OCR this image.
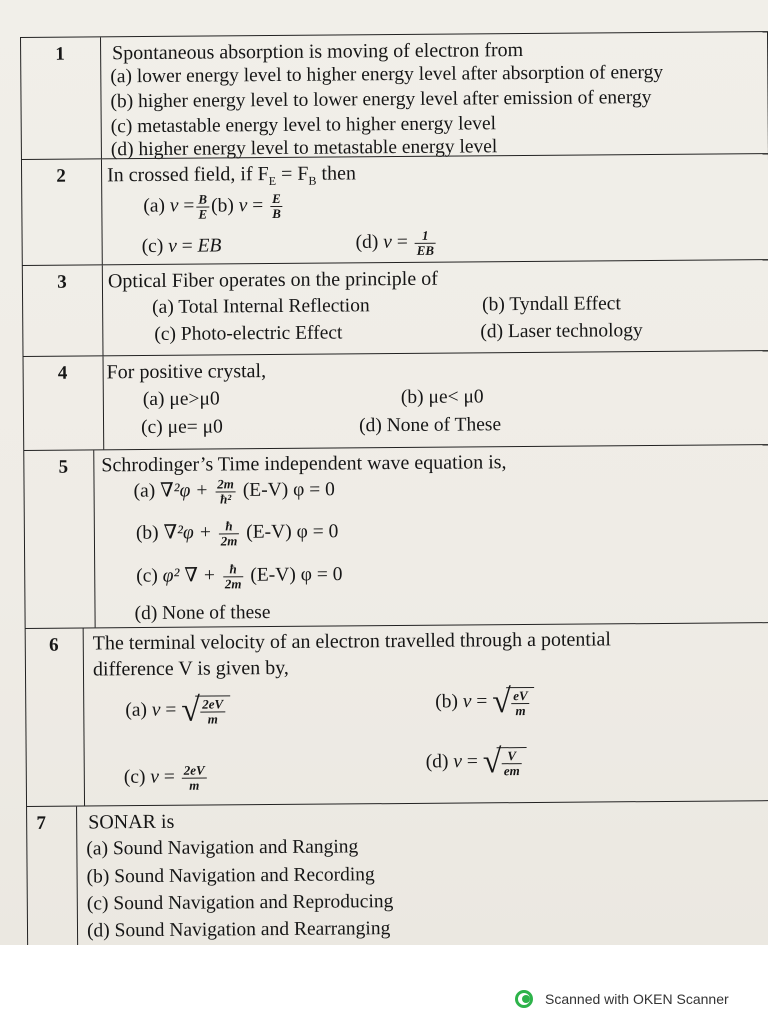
1	Spontaneous absorption is moving of electron from
(a) lower energy level to higher energy level after absorption of energy
(b) higher energy level to lower energy level after emission of energy
(c) metastable energy level to higher energy level
(d) higher energy level to metastable energy level
2	In crossed field, if $F_E = F_B$ then
(a) $v = \frac{B}{E} (b) v = \frac{E}{B}$
(c) v = EB	(d) $v = \frac{1}{EB}$
3	Optical Fiber operates on the principle of
(a) Total Internal Reflection	(b) Tyndall Effect
(c) Photo-electric Effect	(d) Laser technology
4	For positive crystal,
(a) μe>μ0	(b) μe< μ0
(c) μe= μ0	(d) None of These
5	Schrodinger’s Time independent wave equation is,
(a) $\nabla^2\varphi + \frac{2m}{\text{ħ²}} (E-V) \varphi = 0$
(b) $\nabla^2\varphi + \frac{ħ}{2m} (E-V) \varphi = 0$
(c) φ² ∇ + $\frac{ħ}{2m} (E-V) \varphi = 0$
(d) None of these
6	The terminal velocity of an electron travelled through a potential
difference V is given by,
(a) v = √ $\frac{2eV}{m}$	(b) v = √ $\frac{eV}{m}$
(c) $v = \frac{2eV}{m}$
(d) v = √ $\frac{V}{em}$
7	SONAR is
(a) Sound Navigation and Ranging
(b) Sound Navigation and Recording
(c) Sound Navigation and Reproducing
(d) Sound Navigation and Rearranging
Scanned with OKEN Scanner
